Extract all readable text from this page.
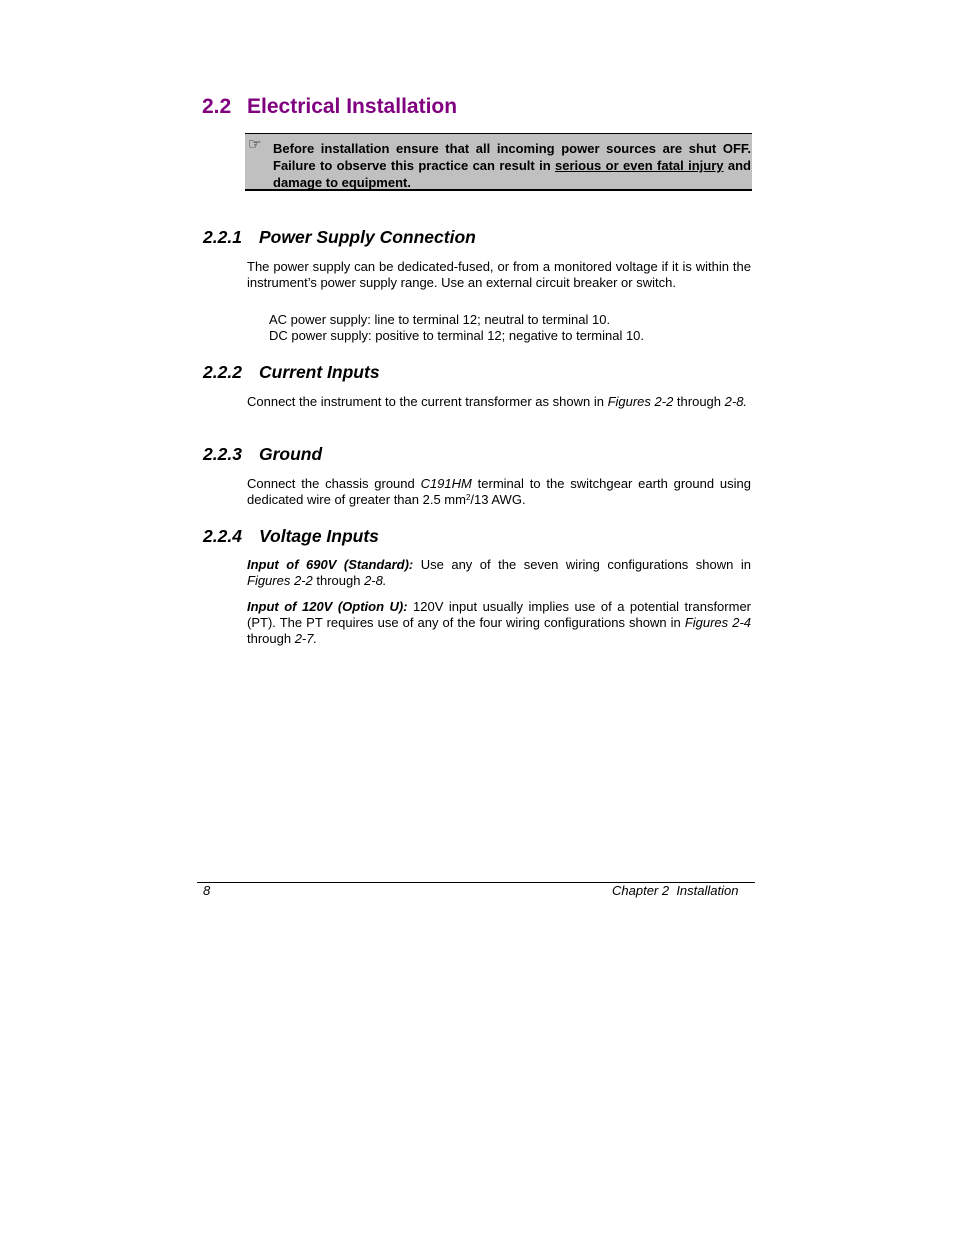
2.2 Electrical Installation
☞ Before installation ensure that all incoming power sources are shut OFF. Failure to observe this practice can result in serious or even fatal injury and damage to equipment.
2.2.1 Power Supply Connection

The power supply can be dedicated-fused, or from a monitored voltage if it is within the instrument’s power supply range. Use an external circuit breaker or switch.

AC power supply: line to terminal 12; neutral to terminal 10.

DC power supply: positive to terminal 12; negative to terminal 10.

2.2.2 Current Inputs

Connect the instrument to the current transformer as shown in Figures 2-2 through 2-8.

2.2.3 Ground

Connect the chassis ground C191HM terminal to the switchgear earth ground using dedicated wire of greater than 2.5 $mm^2/13$ AWG.

2.2.4 Voltage Inputs

Input of 690V (Standard): Use any of the seven wiring configurations shown in Figures 2-2 through 2-8.

Input of 120V (Option U): 120V input usually implies use of a potential transformer (PT). The PT requires use of any of the four wiring configurations shown in Figures 2-4 through 2-7.

8	Chapter 2  Installation
